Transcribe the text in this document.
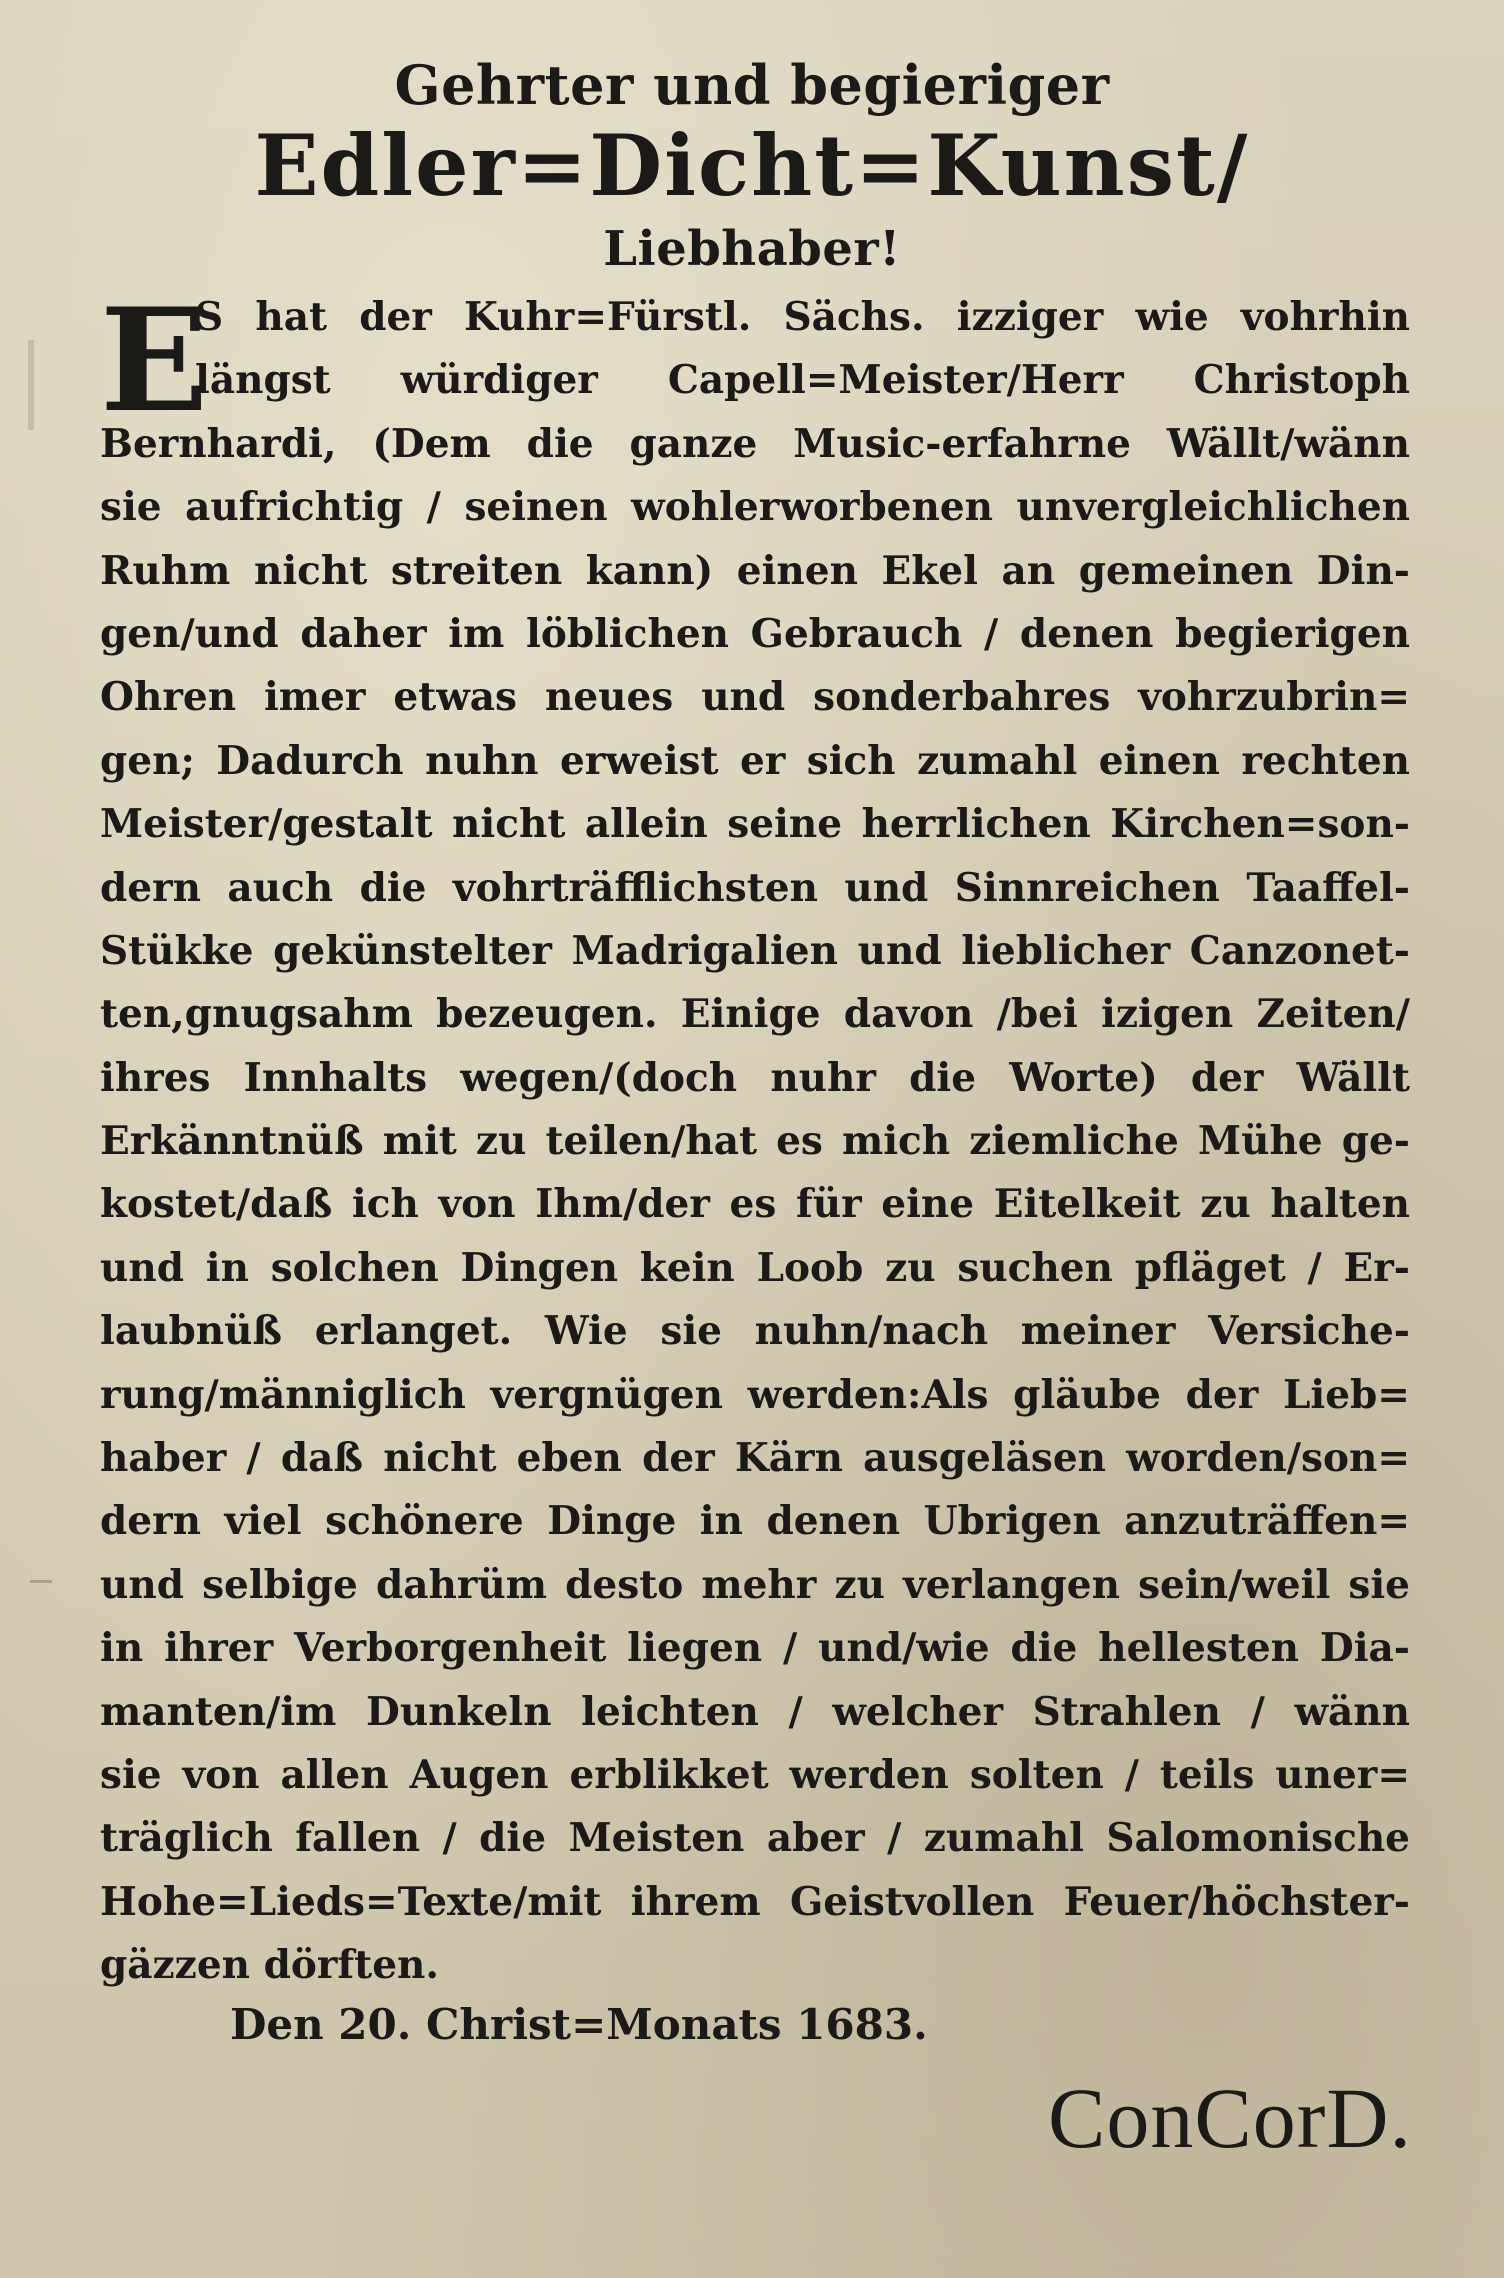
Gehrter und begieriger
Edler=Dicht=Kunst/
Liebhaber!
E
S hat der Kuhr=Fürstl. Sächs. izziger wie vohrhin
längst würdiger Capell=Meister/Herr Christoph
Bernhardi, (Dem die ganze Music-erfahrne Wällt/wänn
sie aufrichtig / seinen wohlerworbenen unvergleichlichen
Ruhm nicht streiten kann) einen Ekel an gemeinen Din-
gen/und daher im löblichen Gebrauch / denen begierigen
Ohren imer etwas neues und sonderbahres vohrzubrin=
gen; Dadurch nuhn erweist er sich zumahl einen rechten
Meister/gestalt nicht allein seine herrlichen Kirchen=son-
dern auch die vohrträfflichsten und Sinnreichen Taaffel-
Stükke gekünstelter Madrigalien und lieblicher Canzonet-
ten,gnugsahm bezeugen. Einige davon /bei izigen Zeiten/
ihres Innhalts wegen/(doch nuhr die Worte) der Wällt
Erkänntnüß mit zu teilen/hat es mich ziemliche Mühe ge-
kostet/daß ich von Ihm/der es für eine Eitelkeit zu halten
und in solchen Dingen kein Loob zu suchen pfläget / Er-
laubnüß erlanget. Wie sie nuhn/nach meiner Versiche-
rung/männiglich vergnügen werden:Als gläube der Lieb=
haber / daß nicht eben der Kärn ausgeläsen worden/son=
dern viel schönere Dinge in denen Ubrigen anzuträffen=
und selbige dahrüm desto mehr zu verlangen sein/weil sie
in ihrer Verborgenheit liegen / und/wie die hellesten Dia-
manten/im Dunkeln leichten / welcher Strahlen / wänn
sie von allen Augen erblikket werden solten / teils uner=
träglich fallen / die Meisten aber / zumahl Salomonische
Hohe=Lieds=Texte/mit ihrem Geistvollen Feuer/höchster-
gäzzen dörften.
Den 20. Christ=Monats 1683.
ConCorD.
